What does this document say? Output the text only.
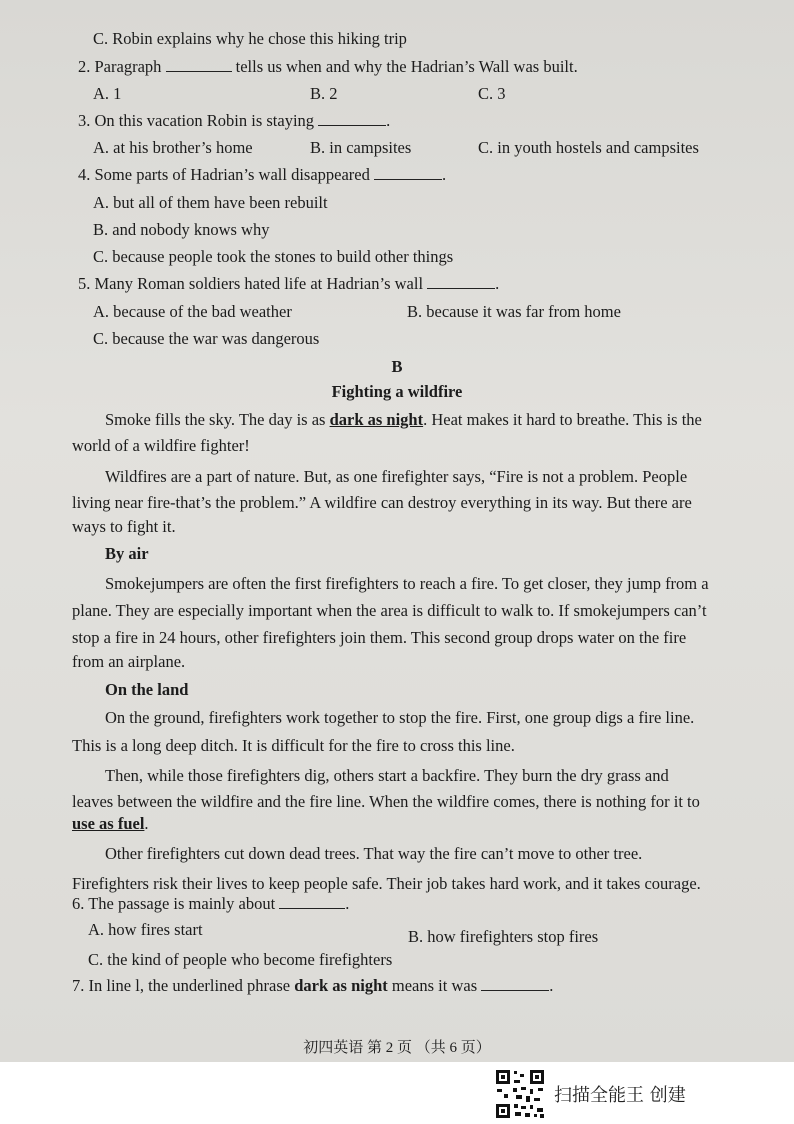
C. Robin explains why he chose this hiking trip
2. Paragraph	tells us when and why the Hadrian’s Wall was built.
A. 1	B. 2	C. 3
3. On this vacation Robin is staying	.
A. at his brother’s home	B. in campsites	C. in youth hostels and campsites
4. Some parts of Hadrian’s wall disappeared	.
A. but all of them have been rebuilt
B. and nobody knows why
C. because people took the stones to build other things
5. Many Roman soldiers hated life at Hadrian’s wall	.
A. because of the bad weather	B. because it was far from home
C. because the war was dangerous
B
Fighting a wildfire
Smoke fills the sky. The day is as dark as night. Heat makes it hard to breathe. This is the
world of a wildfire fighter!
Wildfires are a part of nature. But, as one firefighter says, “Fire is not a problem. People
living near fire-that’s the problem.” A wildfire can destroy everything in its way. But there are
ways to fight it.
By air
Smokejumpers are often the first firefighters to reach a fire. To get closer, they jump from a
plane. They are especially important when the area is difficult to walk to. If smokejumpers can’t
stop a fire in 24 hours, other firefighters join them. This second group drops water on the fire
from an airplane.
On the land
On the ground, firefighters work together to stop the fire. First, one group digs a fire line.
This is a long deep ditch. It is difficult for the fire to cross this line.
Then, while those firefighters dig, others start a backfire. They burn the dry grass and
leaves between the wildfire and the fire line. When the wildfire comes, there is nothing for it to
use as fuel.
Other firefighters cut down dead trees. That way the fire can’t move to other tree.
Firefighters risk their lives to keep people safe. Their job takes hard work, and it takes courage.
6. The passage is mainly about	.
A. how fires start	B. how firefighters stop fires
C. the kind of people who become firefighters
7. In line l, the underlined phrase dark as night means it was	.
初四英语 第 2 页 （共 6 页）
扫描全能王 创建
